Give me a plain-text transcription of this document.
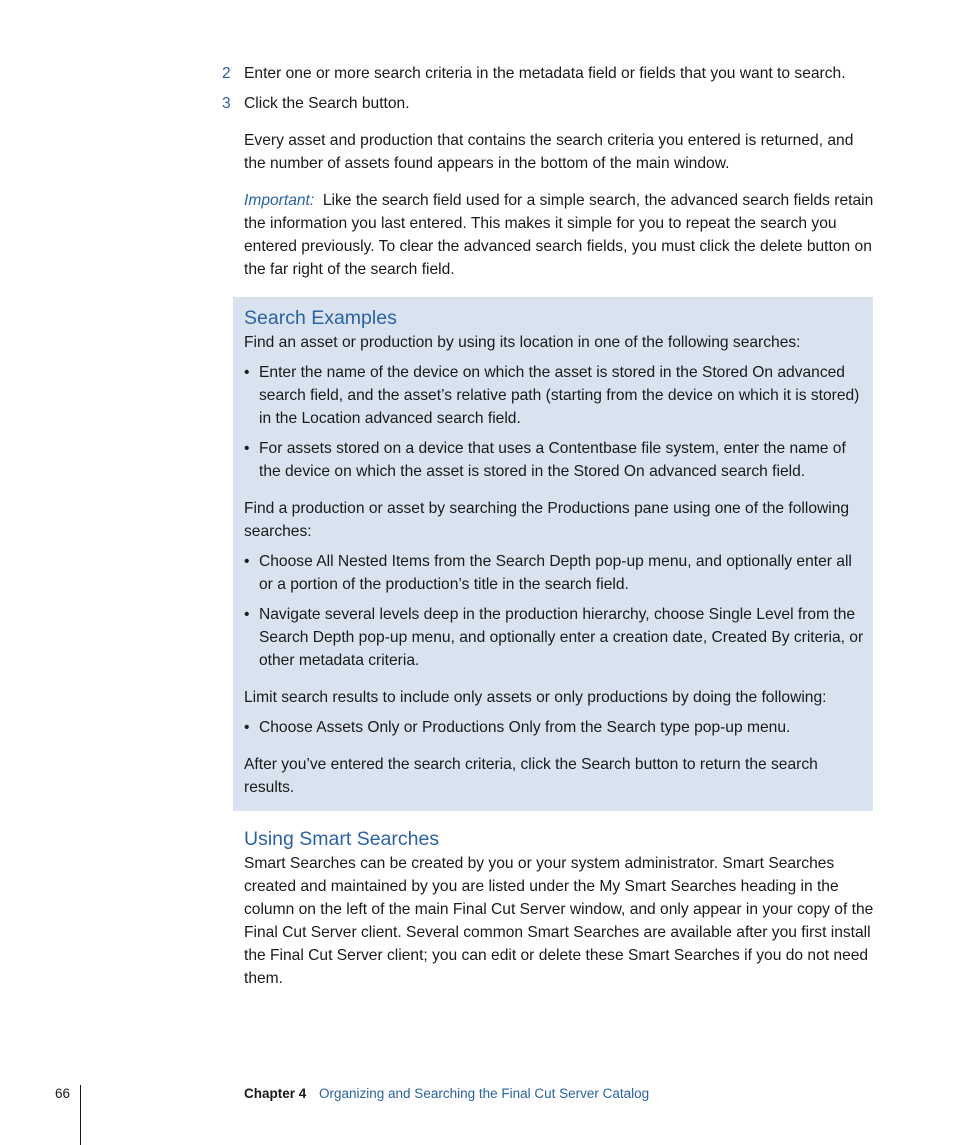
2 Enter one or more search criteria in the metadata field or fields that you want to search.
3 Click the Search button.

Every asset and production that contains the search criteria you entered is returned, and the number of assets found appears in the bottom of the main window.

Important: Like the search field used for a simple search, the advanced search fields retain the information you last entered. This makes it simple for you to repeat the search you entered previously. To clear the advanced search fields, you must click the delete button on the far right of the search field.

Search Examples

Find an asset or production by using its location in one of the following searches:

• Enter the name of the device on which the asset is stored in the Stored On advanced search field, and the asset’s relative path (starting from the device on which it is stored) in the Location advanced search field.
• For assets stored on a device that uses a Contentbase file system, enter the name of the device on which the asset is stored in the Stored On advanced search field.

Find a production or asset by searching the Productions pane using one of the following searches:

• Choose All Nested Items from the Search Depth pop-up menu, and optionally enter all or a portion of the production’s title in the search field.
• Navigate several levels deep in the production hierarchy, choose Single Level from the Search Depth pop-up menu, and optionally enter a creation date, Created By criteria, or other metadata criteria.

Limit search results to include only assets or only productions by doing the following:

• Choose Assets Only or Productions Only from the Search type pop-up menu.

After you’ve entered the search criteria, click the Search button to return the search results.

Using Smart Searches

Smart Searches can be created by you or your system administrator. Smart Searches created and maintained by you are listed under the My Smart Searches heading in the column on the left of the main Final Cut Server window, and only appear in your copy of the Final Cut Server client. Several common Smart Searches are available after you first install the Final Cut Server client; you can edit or delete these Smart Searches if you do not need them.

66	Chapter 4 Organizing and Searching the Final Cut Server Catalog
